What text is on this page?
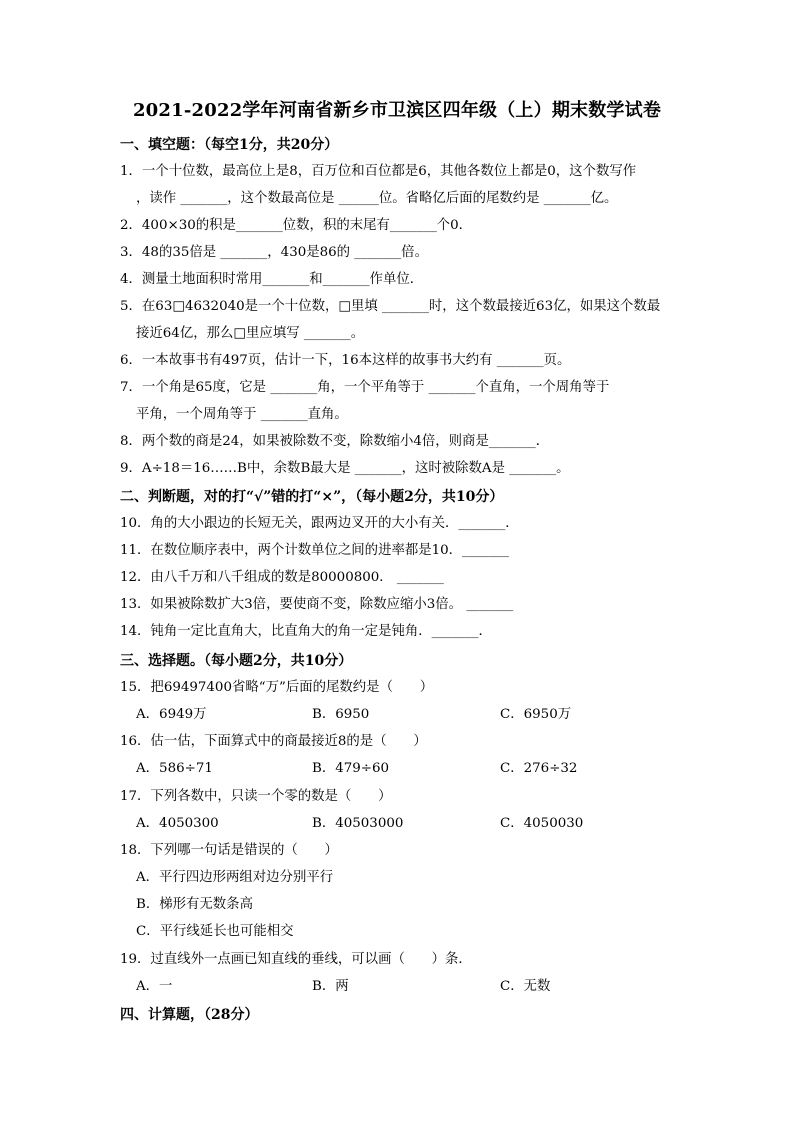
2021-2022学年河南省新乡市卫滨区四年级（上）期末数学试卷
一、填空题：（每空1分，共20分）
1．一个十位数，最高位上是8，百万位和百位都是6，其他各数位上都是0，这个数写作
，读作 _______，这个数最高位是 ______位。省略亿后面的尾数约是 _______亿。
2．400×30的积是_______位数，积的末尾有_______个0．
3．48的35倍是 _______，430是86的 _______倍。
4．测量土地面积时常用_______和_______作单位．
5．在63□4632040是一个十位数，□里填 _______时，这个数最接近63亿，如果这个数最
接近64亿，那么□里应填写 _______。
6．一本故事书有497页，估计一下，16本这样的故事书大约有 _______页。
7．一个角是65度，它是 _______角，一个平角等于 _______个直角，一个周角等于
平角，一个周角等于 _______直角。
8．两个数的商是24，如果被除数不变，除数缩小4倍，则商是_______．
9．A÷18＝16……B中，余数B最大是 _______，这时被除数A是 _______。
二、判断题，对的打“√”错的打“×”，（每小题2分，共10分）
10．角的大小跟边的长短无关，跟两边叉开的大小有关．_______．
11．在数位顺序表中，两个计数单位之间的进率都是10．_______
12．由八千万和八千组成的数是80000800． _______
13．如果被除数扩大3倍，要使商不变，除数应缩小3倍。 _______
14．钝角一定比直角大，比直角大的角一定是钝角．_______．
三、选择题。（每小题2分，共10分）
15．把69497400省略“万”后面的尾数约是（　　）
A．6949万	B．6950	C．6950万
16．估一估，下面算式中的商最接近8的是（　　）
A．586÷71	B．479÷60	C．276÷32
17．下列各数中，只读一个零的数是（　　）
A．4050300	B．40503000	C．4050030
18．下列哪一句话是错误的（　　）
A．平行四边形两组对边分别平行
B．梯形有无数条高
C．平行线延长也可能相交
19．过直线外一点画已知直线的垂线，可以画（　　）条．
A．一	B．两	C．无数
四、计算题，（28分）
